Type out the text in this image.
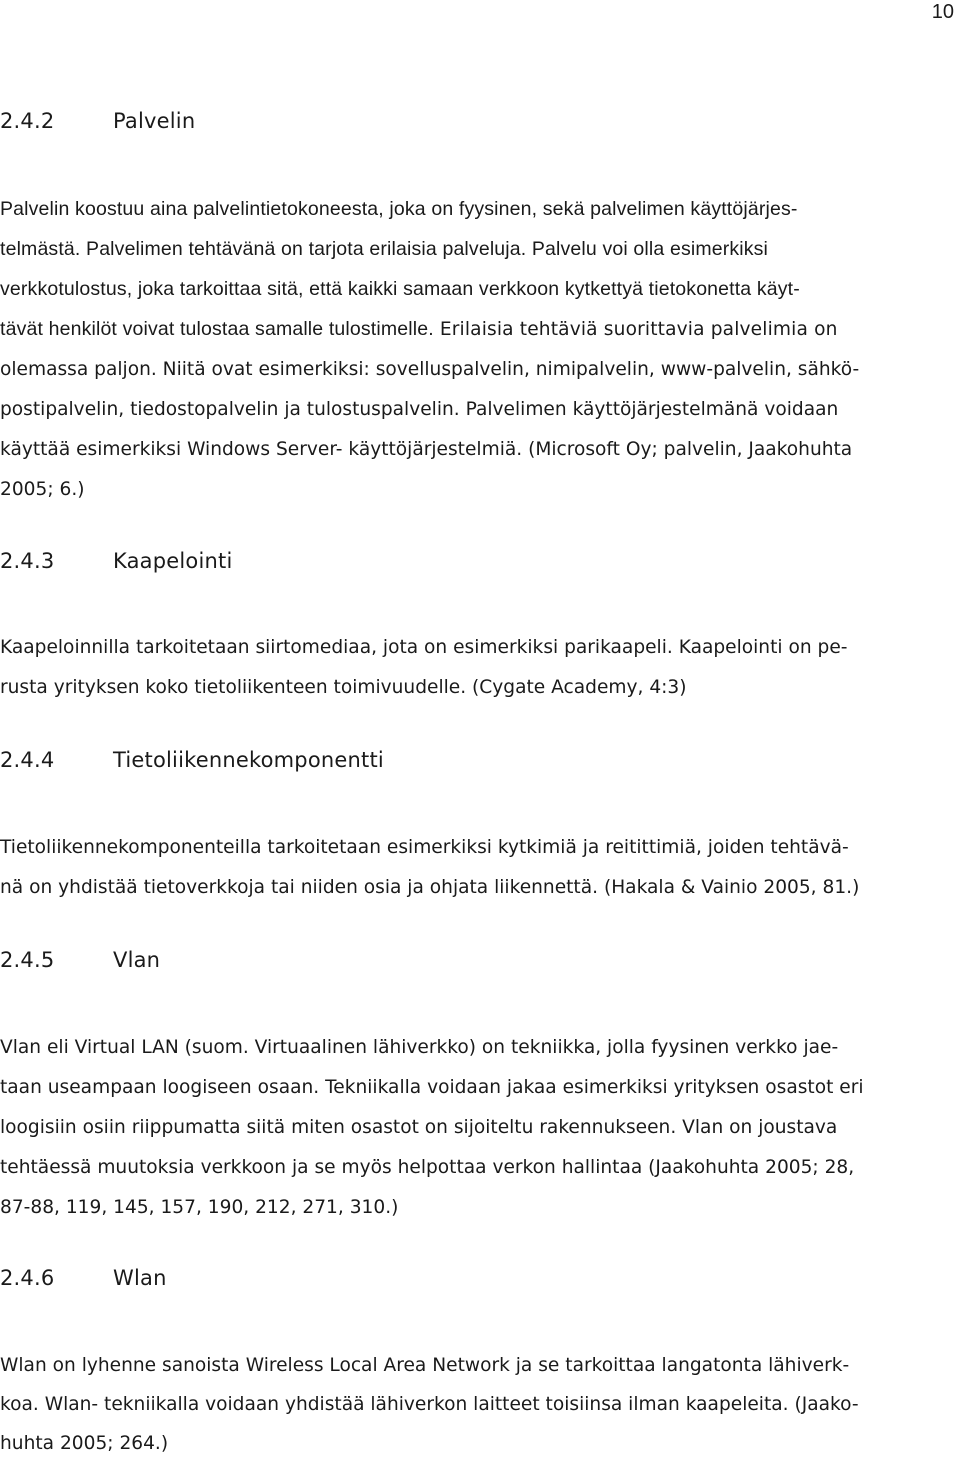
10
2.4.2	Palvelin
Palvelin koostuu aina palvelintietokoneesta, joka on fyysinen, sekä palvelimen käyttöjärjes-
telmästä. Palvelimen tehtävänä on tarjota erilaisia palveluja. Palvelu voi olla esimerkiksi
verkkotulostus, joka tarkoittaa sitä, että kaikki samaan verkkoon kytkettyä tietokonetta käyt-
tävät henkilöt voivat tulostaa samalle tulostimelle. Erilaisia tehtäviä suorittavia palvelimia on
olemassa paljon. Niitä ovat esimerkiksi: sovelluspalvelin, nimipalvelin, www-palvelin, sähkö-
postipalvelin, tiedostopalvelin ja tulostuspalvelin. Palvelimen käyttöjärjestelmänä voidaan
käyttää esimerkiksi Windows Server- käyttöjärjestelmiä. (Microsoft Oy; palvelin, Jaakohuhta
2005; 6.)
2.4.3	Kaapelointi
Kaapeloinnilla tarkoitetaan siirtomediaa, jota on esimerkiksi parikaapeli. Kaapelointi on pe-
rusta yrityksen koko tietoliikenteen toimivuudelle. (Cygate Academy, 4:3)
2.4.4	Tietoliikennekomponentti
Tietoliikennekomponenteilla tarkoitetaan esimerkiksi kytkimiä ja reitittimiä, joiden tehtävä-
nä on yhdistää tietoverkkoja tai niiden osia ja ohjata liikennettä. (Hakala & Vainio 2005, 81.)
2.4.5	Vlan
Vlan eli Virtual LAN (suom. Virtuaalinen lähiverkko) on tekniikka, jolla fyysinen verkko jae-
taan useampaan loogiseen osaan. Tekniikalla voidaan jakaa esimerkiksi yrityksen osastot eri
loogisiin osiin riippumatta siitä miten osastot on sijoiteltu rakennukseen. Vlan on joustava
tehtäessä muutoksia verkkoon ja se myös helpottaa verkon hallintaa (Jaakohuhta 2005; 28,
87-88, 119, 145, 157, 190, 212, 271, 310.)
2.4.6	Wlan
Wlan on lyhenne sanoista Wireless Local Area Network ja se tarkoittaa langatonta lähiverk-
koa. Wlan- tekniikalla voidaan yhdistää lähiverkon laitteet toisiinsa ilman kaapeleita. (Jaako-
huhta 2005; 264.)
